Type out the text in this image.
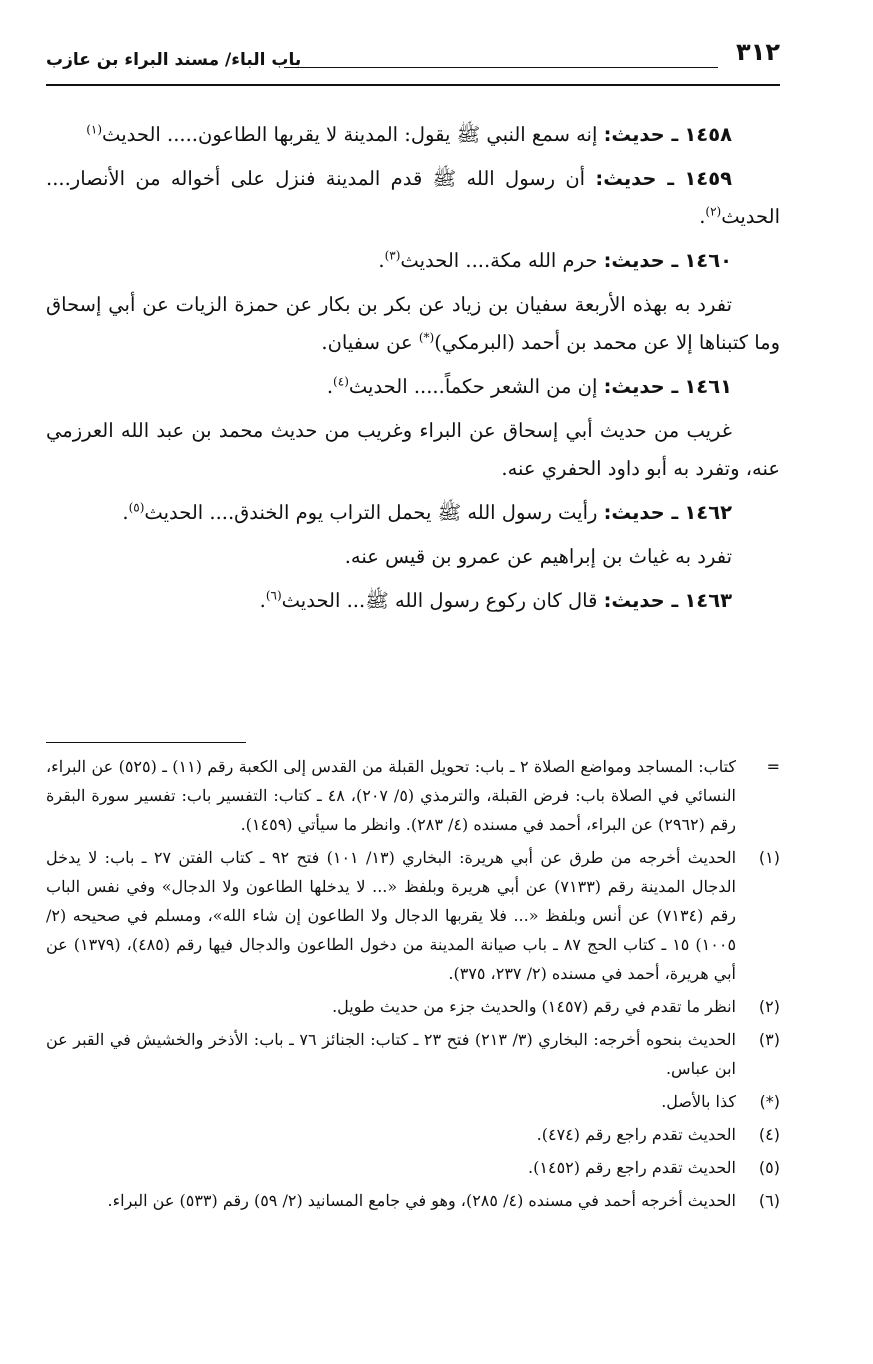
٣١٢
باب الباء/ مسند البراء بن عازب

١٤٥٨ ـ حديث: إنه سمع النبي ﷺ يقول: المدينة لا يقربها الطاعون..... الحديث$^{(١)}$

١٤٥٩ ـ حديث: أن رسول الله ﷺ قدم المدينة فنزل على أخواله من الأنصار.... الحديث$^{(٢)}$.

١٤٦٠ ـ حديث: حرم الله مكة.... الحديث$^{(٣)}$.

تفرد به بهذه الأربعة سفيان بن زياد عن بكر بن بكار عن حمزة الزيات عن أبي إسحاق وما كتبناها إلا عن محمد بن أحمد (البرمكي)(*) عن سفيان.

١٤٦١ ـ حديث: إن من الشعر حكماً..... الحديث$^{(٤)}$.

غريب من حديث أبي إسحاق عن البراء وغريب من حديث محمد بن عبد الله العرزمي عنه، وتفرد به أبو داود الحفري عنه.

١٤٦٢ ـ حديث: رأيت رسول الله ﷺ يحمل التراب يوم الخندق.... الحديث$^{(٥)}$.

تفرد به غياث بن إبراهيم عن عمرو بن قيس عنه.

١٤٦٣ ـ حديث: قال كان ركوع رسول الله ﷺ... الحديث$^{(٦)}$.

=
كتاب: المساجد ومواضع الصلاة ٢ ـ باب: تحويل القبلة من القدس إلى الكعبة رقم (١١) ـ (٥٢٥) عن البراء، النسائي في الصلاة باب: فرض القبلة، والترمذي (٥/ ٢٠٧)، ٤٨ ـ كتاب: التفسير باب: تفسير سورة البقرة رقم (٢٩٦٢) عن البراء، أحمد في مسنده (٤/ ٢٨٣). وانظر ما سيأتي (١٤٥٩).
(١)
الحديث أخرجه من طرق عن أبي هريرة: البخاري (١٣/ ١٠١) فتح ٩٢ ـ كتاب الفتن ٢٧ ـ باب: لا يدخل الدجال المدينة رقم (٧١٣٣) عن أبي هريرة وبلفظ «... لا يدخلها الطاعون ولا الدجال» وفي نفس الباب رقم (٧١٣٤) عن أنس وبلفظ «... فلا يقربها الدجال ولا الطاعون إن شاء الله»، ومسلم في صحيحه (٢/ ١٠٠٥) ١٥ ـ كتاب الحج ٨٧ ـ باب صيانة المدينة من دخول الطاعون والدجال فيها رقم (٤٨٥)، (١٣٧٩) عن أبي هريرة، أحمد في مسنده (٢/ ٢٣٧، ٣٧٥).
(٢)
انظر ما تقدم في رقم (١٤٥٧) والحديث جزء من حديث طويل.
(٣)
الحديث بنحوه أخرجه: البخاري (٣/ ٢١٣) فتح ٢٣ ـ كتاب: الجنائز ٧٦ ـ باب: الأذخر والخشيش في القبر عن ابن عباس.
(*)
كذا بالأصل.
(٤)
الحديث تقدم راجع رقم (٤٧٤).
(٥)
الحديث تقدم راجع رقم (١٤٥٢).
(٦)
الحديث أخرجه أحمد في مسنده (٤/ ٢٨٥)، وهو في جامع المسانيد (٢/ ٥٩) رقم (٥٣٣) عن البراء.
